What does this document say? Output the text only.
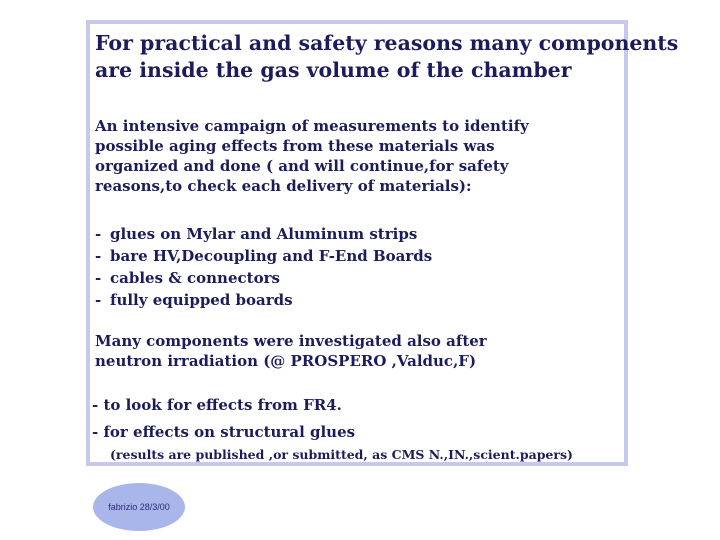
For practical and safety reasons many components
are inside the gas volume of the chamber

An intensive campaign of measurements to identify
possible aging effects from these materials was
organized and done ( and will continue,for safety
reasons,to check each delivery of materials):

- glues on Mylar and Aluminum strips
- bare HV,Decoupling and F-End Boards
- cables & connectors
- fully equipped boards

Many components were investigated also after
neutron irradiation (@ PROSPERO ,Valduc,F)

- to look for effects from FR4.
- for effects on structural glues
(results are published ,or submitted, as CMS N.,IN.,scient.papers)
fabrizio 28/3/00
